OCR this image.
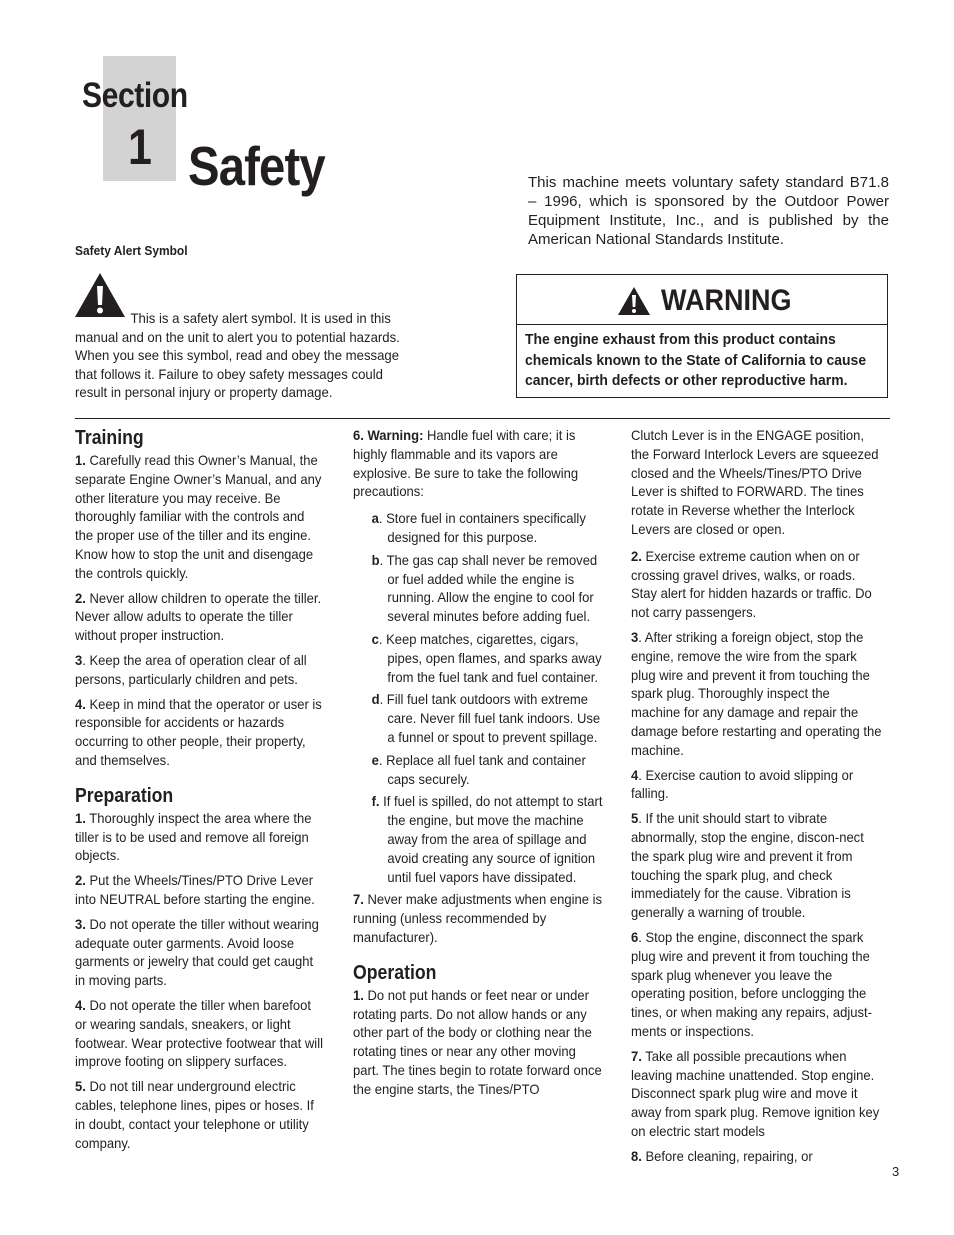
Section
1 Safety	This machine meets voluntary safety standard B71.8 – 1996, which is sponsored by the Outdoor Power Equipment Institute, Inc., and is published by the American National Standards Institute.
Safety Alert Symbol
This is a safety alert symbol. It is used in this manual and on the unit to alert you to potential hazards. When you see this symbol, read and obey the message that follows it. Failure to obey safety messages could result in personal injury or property damage.
WARNING
The engine exhaust from this product contains chemicals known to the State of California to cause cancer, birth defects or other reproductive harm.
Training

1. Carefully read this Owner’s Manual, the separate Engine Owner’s Manual, and any other literature you may receive. Be thoroughly familiar with the controls and the proper use of the tiller and its engine. Know how to stop the unit and disengage the controls quickly.

2. Never allow children to operate the tiller. Never allow adults to operate the tiller without proper instruction.

3. Keep the area of operation clear of all persons, particularly children and pets.

4. Keep in mind that the operator or user is responsible for accidents or hazards occurring to other people, their property, and themselves.

Preparation

1. Thoroughly inspect the area where the tiller is to be used and remove all foreign objects.

2. Put the Wheels/Tines/PTO Drive Lever into NEUTRAL before starting the engine.

3. Do not operate the tiller without wearing adequate outer garments. Avoid loose garments or jewelry that could get caught in moving parts.

4. Do not operate the tiller when barefoot or wearing sandals, sneakers, or light footwear. Wear protective footwear that will improve footing on slippery surfaces.

5. Do not till near underground electric cables, telephone lines, pipes or hoses. If in doubt, contact your telephone or utility company.

6. Warning: Handle fuel with care; it is highly flammable and its vapors are explosive. Be sure to take the following precautions:

a. Store fuel in containers specifically designed for this purpose.

b. The gas cap shall never be removed or fuel added while the engine is running. Allow the engine to cool for several minutes before adding fuel.

c. Keep matches, cigarettes, cigars, pipes, open flames, and sparks away from the fuel tank and fuel container.

d. Fill fuel tank outdoors with extreme care. Never fill fuel tank indoors. Use a funnel or spout to prevent spillage.

e. Replace all fuel tank and container caps securely.

f. If fuel is spilled, do not attempt to start the engine, but move the machine away from the area of spillage and avoid creating any source of ignition until fuel vapors have dissipated.

7. Never make adjustments when engine is running (unless recommended by manufacturer).

Operation

1. Do not put hands or feet near or under rotating parts. Do not allow hands or any other part of the body or clothing near the rotating tines or near any other moving part. The tines begin to rotate forward once the engine starts, the Tines/PTO

Clutch Lever is in the ENGAGE position, the Forward Interlock Levers are squeezed closed and the Wheels/Tines/PTO Drive Lever is shifted to FORWARD. The tines rotate in Reverse whether the Interlock Levers are closed or open.

2. Exercise extreme caution when on or crossing gravel drives, walks, or roads. Stay alert for hidden hazards or traffic. Do not carry passengers.

3. After striking a foreign object, stop the engine, remove the wire from the spark plug wire and prevent it from touching the spark plug. Thoroughly inspect the machine for any damage and repair the damage before restarting and operating the machine.

4. Exercise caution to avoid slipping or falling.

5. If the unit should start to vibrate abnormally, stop the engine, discon-nect the spark plug wire and prevent it from touching the spark plug, and check immediately for the cause. Vibration is generally a warning of trouble.

6. Stop the engine, disconnect the spark plug wire and prevent it from touching the spark plug whenever you leave the operating position, before unclogging the tines, or when making any repairs, adjust-ments or inspections.

7. Take all possible precautions when leaving machine unattended. Stop engine. Disconnect spark plug wire and move it away from spark plug. Remove ignition key on electric start models

8. Before cleaning, repairing, or

3
